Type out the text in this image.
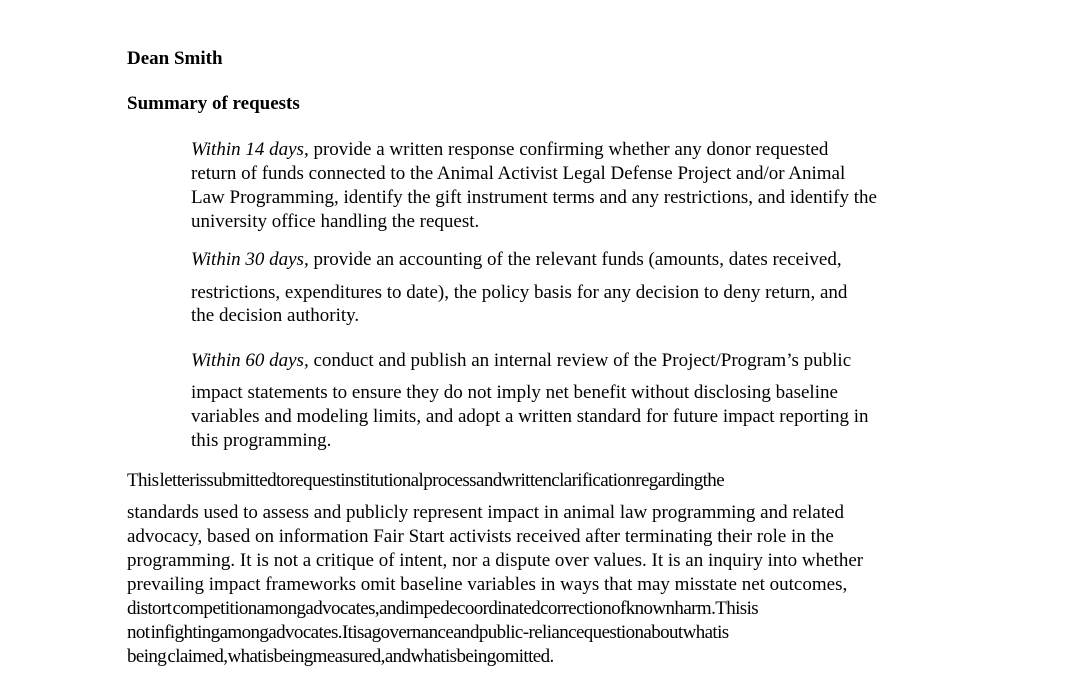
Dean Smith

Summary of requests

Within 14 days, provide a written response confirming whether any donor requested

return of funds connected to the Animal Activist Legal Defense Project and/or Animal

Law Programming, identify the gift instrument terms and any restrictions, and identify the

university office handling the request.

Within 30 days, provide an accounting of the relevant funds (amounts, dates received,

restrictions, expenditures to date), the policy basis for any decision to deny return, and

the decision authority.

Within 60 days, conduct and publish an internal review of the Project/Program’s public

impact statements to ensure they do not imply net benefit without disclosing baseline

variables and modeling limits, and adopt a written standard for future impact reporting in

this programming.

This letterissubmittedtorequestinstitutionalprocessandwrittenclarificationregardingthe

standards used to assess and publicly represent impact in animal law programming and related

advocacy, based on information Fair Start activists received after terminating their role in the

programming. It is not a critique of intent, nor a dispute over values. It is an inquiry into whether

prevailing impact frameworks omit baseline variables in ways that may misstate net outcomes,

distort competitionamongadvocates,andimpedecoordinatedcorrectionofknownharm.Thisis

not infightingamongadvocates.Itisagovernanceandpublic-reliancequestionaboutwhatis

being claimed,whatisbeingmeasured,andwhatisbeingomitted.
